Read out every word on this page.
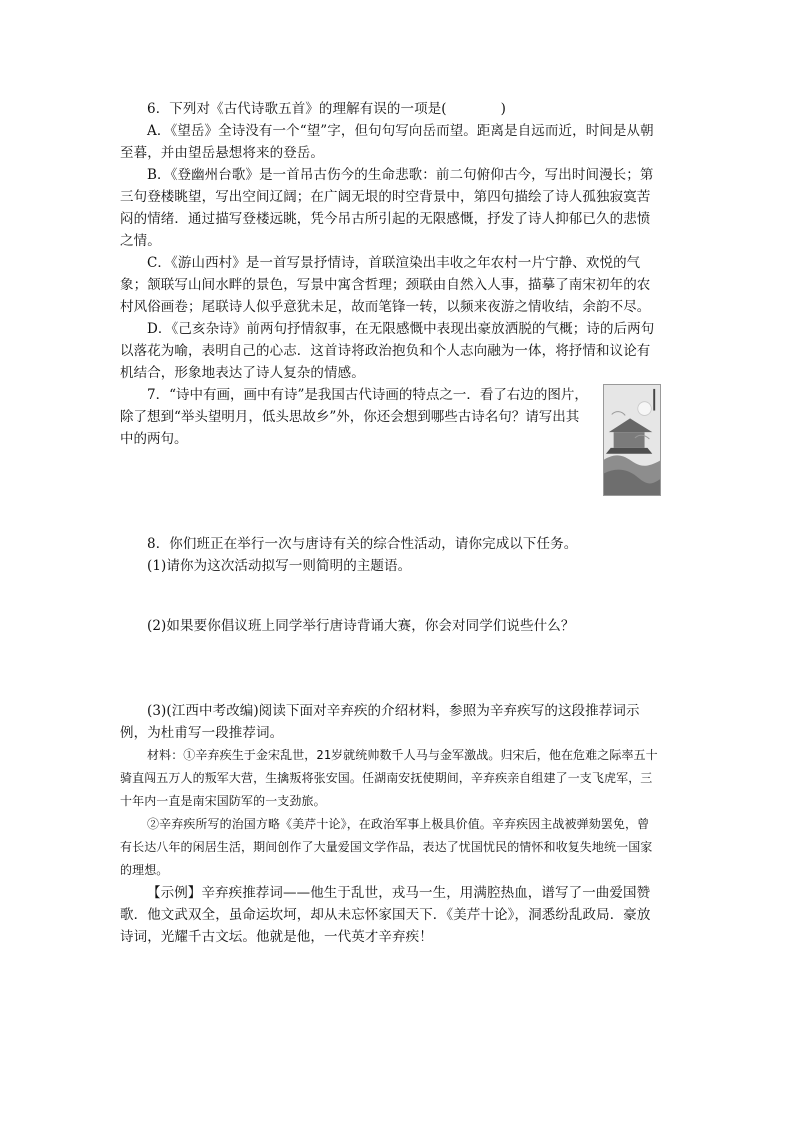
6．下列对《古代诗歌五首》的理解有误的一项是(	)

A．《望岳》全诗没有一个“望”字，但句句写向岳而望。距离是自远而近，时间是从朝至暮，并由望岳悬想将来的登岳。

B．《登幽州台歌》是一首吊古伤今的生命悲歌：前二句俯仰古今，写出时间漫长；第三句登楼眺望，写出空间辽阔；在广阔无垠的时空背景中，第四句描绘了诗人孤独寂寞苦闷的情绪．通过描写登楼远眺，凭今吊古所引起的无限感慨，抒发了诗人抑郁已久的悲愤之情。

C．《游山西村》是一首写景抒情诗，首联渲染出丰收之年农村一片宁静、欢悦的气象；颔联写山间水畔的景色，写景中寓含哲理；颈联由自然入人事，描摹了南宋初年的农村风俗画卷；尾联诗人似乎意犹未足，故而笔锋一转，以频来夜游之情收结，余韵不尽。

D．《己亥杂诗》前两句抒情叙事，在无限感慨中表现出豪放洒脱的气概；诗的后两句以落花为喻，表明自己的心志．这首诗将政治抱负和个人志向融为一体，将抒情和议论有机结合，形象地表达了诗人复杂的情感。

7．“诗中有画，画中有诗”是我国古代诗画的特点之一．看了右边的图片，除了想到“举头望明月，低头思故乡”外，你还会想到哪些古诗名句？请写出其中的两句。

8．你们班正在举行一次与唐诗有关的综合性活动，请你完成以下任务。

(1)请你为这次活动拟写一则简明的主题语。

(2)如果要你倡议班上同学举行唐诗背诵大赛，你会对同学们说些什么？

(3)(江西中考改编)阅读下面对辛弃疾的介绍材料，参照为辛弃疾写的这段推荐词示例，为杜甫写一段推荐词。

材料：①辛弃疾生于金宋乱世，21岁就统帅数千人马与金军激战。归宋后，他在危难之际率五十骑直闯五万人的叛军大营，生擒叛将张安国。任湖南安抚使期间，辛弃疾亲自组建了一支飞虎军，三十年内一直是南宋国防军的一支劲旅。

②辛弃疾所写的治国方略《美芹十论》，在政治军事上极具价值。辛弃疾因主战被弹劾罢免，曾有长达八年的闲居生活，期间创作了大量爱国文学作品，表达了忧国忧民的情怀和收复失地统一国家的理想。

【示例】辛弃疾推荐词——他生于乱世，戎马一生，用满腔热血，谱写了一曲爱国赞歌．他文武双全，虽命运坎坷，却从未忘怀家国天下．《美芹十论》，洞悉纷乱政局．豪放诗词，光耀千古文坛。他就是他，一代英才辛弃疾！
